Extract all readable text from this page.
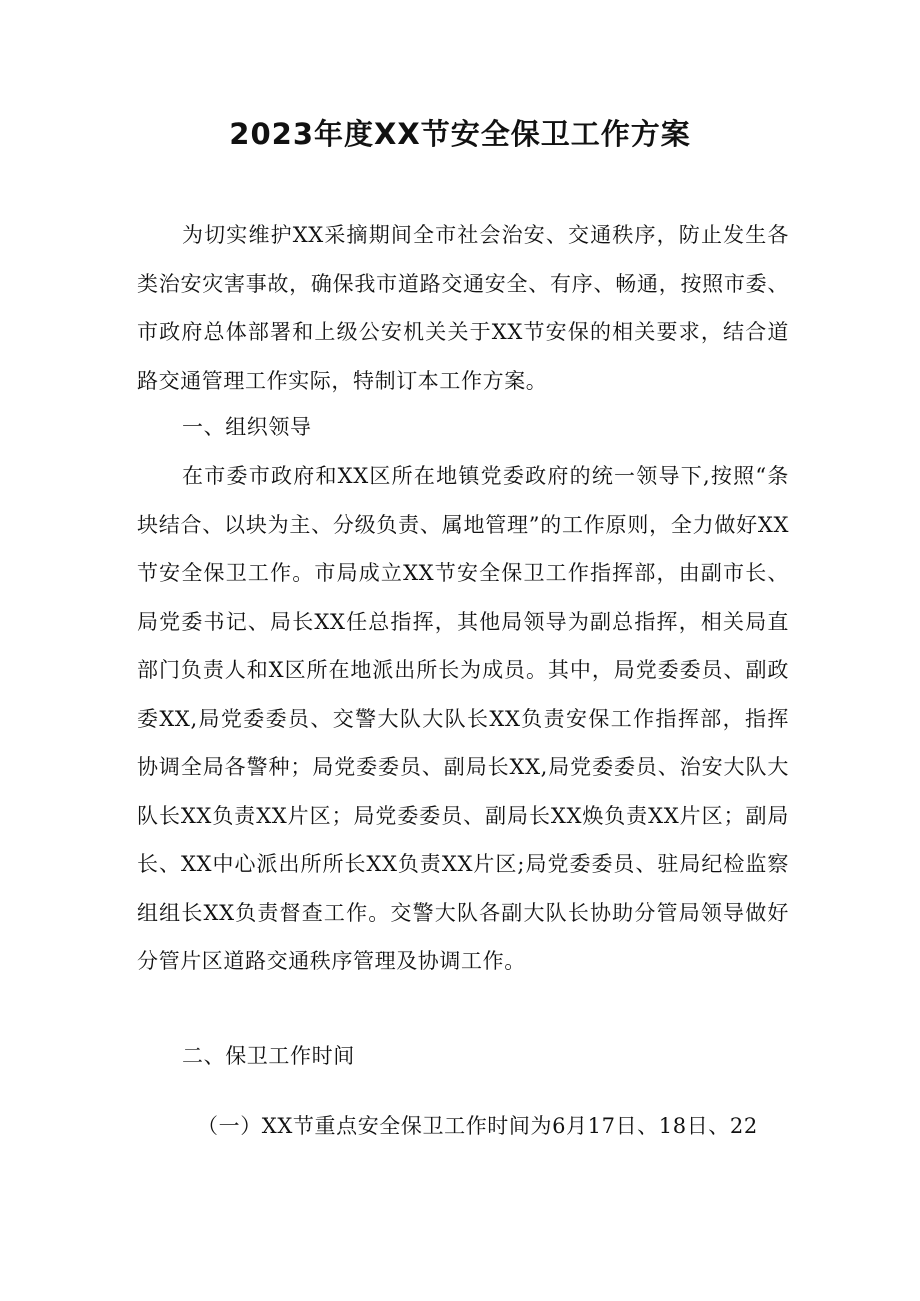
2023年度XX节安全保卫工作方案

为切实维护XX采摘期间全市社会治安、交通秩序，防止发生各类治安灾害事故，确保我市道路交通安全、有序、畅通，按照市委、市政府总体部署和上级公安机关关于XX节安保的相关要求，结合道路交通管理工作实际，特制订本工作方案。

一、组织领导

在市委市政府和XX区所在地镇党委政府的统一领导下,按照“条块结合、以块为主、分级负责、属地管理”的工作原则，全力做好XX节安全保卫工作。市局成立XX节安全保卫工作指挥部，由副市长、局党委书记、局长XX任总指挥，其他局领导为副总指挥，相关局直部门负责人和X区所在地派出所长为成员。其中，局党委委员、副政委XX,局党委委员、交警大队大队长XX负责安保工作指挥部，指挥协调全局各警种；局党委委员、副局长XX,局党委委员、治安大队大队长XX负责XX片区；局党委委员、副局长XX焕负责XX片区；副局长、XX中心派出所所长XX负责XX片区;局党委委员、驻局纪检监察组组长XX负责督查工作。交警大队各副大队长协助分管局领导做好分管片区道路交通秩序管理及协调工作。

二、保卫工作时间

（一）XX节重点安全保卫工作时间为6月17日、18日、22
